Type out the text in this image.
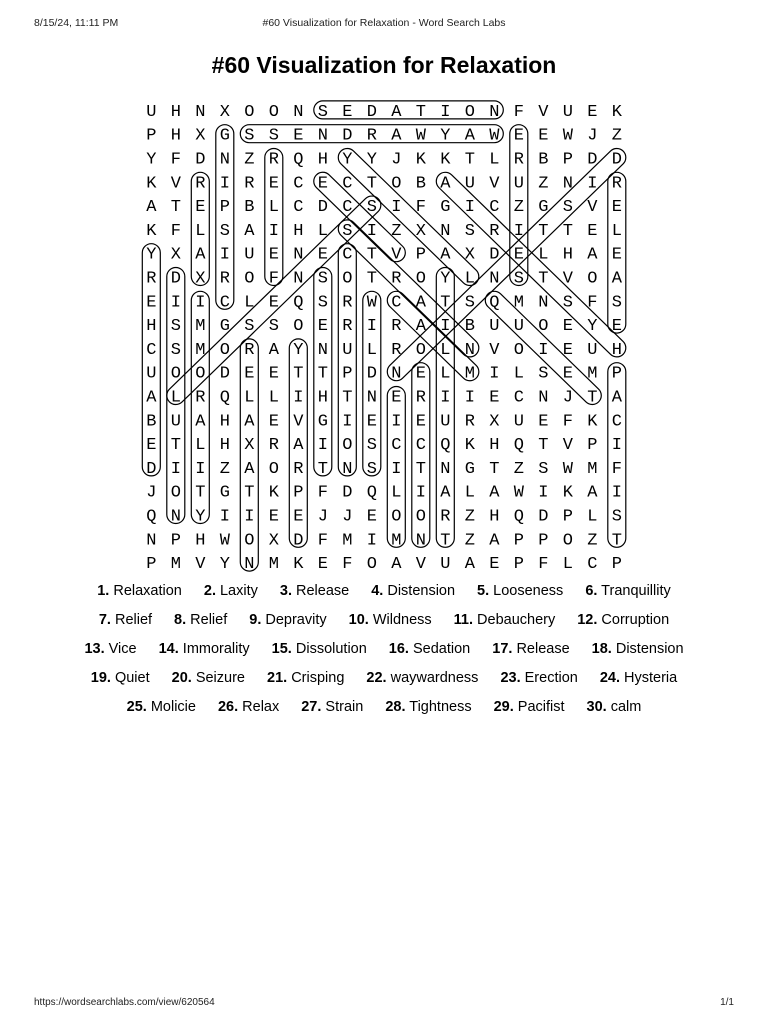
8/15/24, 11:11 PM	#60 Visualization for Relaxation - Word Search Labs
#60 Visualization for Relaxation
U H N X O O N S E D A T I O N F V U E K
P H X G S S E N D R A W Y A W E E W J Z
Y F D N Z R Q H Y Y J K K T L R B P D D
K V R I R E C E C T O B A U V U Z N I R
A T E P B L C D C S I F G I C Z G S V E
K F L S A I H L S I Z X N S R I T T E L
Y X A I U E N E C T V P A X D E L H A E
R D X R O F N S O T R O Y L N S T V O A
E I I C L E Q S R W C A T S Q M N S F S
H S M G S S O E R I R A I B U U O E Y E
C S M O R A Y N U L R O L N V O I E U H
U O O D E E T T P D N E L M I L S E M P
A L R Q L L I H T N E R I I E C N J T A
B U A H A E V G I E I E U R X U E F K C
E T L H X R A I O S C C Q K H Q T V P I
D I I Z A O R T N S I T N G T Z S W M F
J O T G T K P F D Q L I A L A W I K A I
Q N Y I I E E J J E O O R Z H Q D P L S
N P H W O X D F M I M N T Z A P P O Z T
P M V Y N M K E F O A V U A E P F L C P
1. Relaxation 2. Laxity 3. Release 4. Distension 5. Looseness 6. Tranquillity
7. Relief 8. Relief 9. Depravity 10. Wildness 11. Debauchery 12. Corruption
13. Vice 14. Immorality 15. Dissolution 16. Sedation 17. Release 18. Distension
19. Quiet 20. Seizure 21. Crisping 22. waywardness 23. Erection 24. Hysteria
25. Molicie 26. Relax 27. Strain 28. Tightness 29. Pacifist 30. calm
https://wordsearchlabs.com/view/620564	1/1
